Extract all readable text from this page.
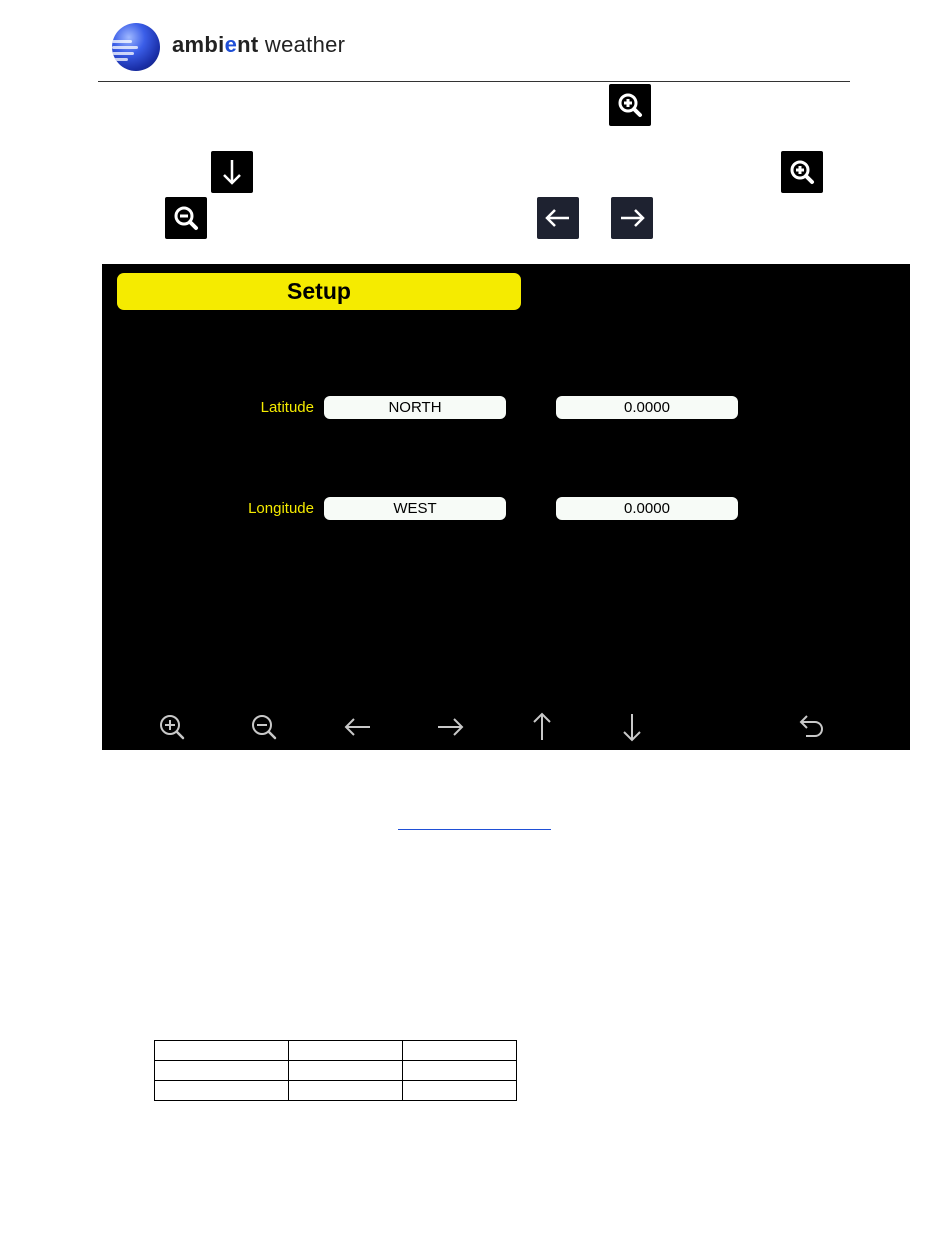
ambient weather
Setup
Latitude	NORTH	0.0000
Longitude	WEST	0.0000
